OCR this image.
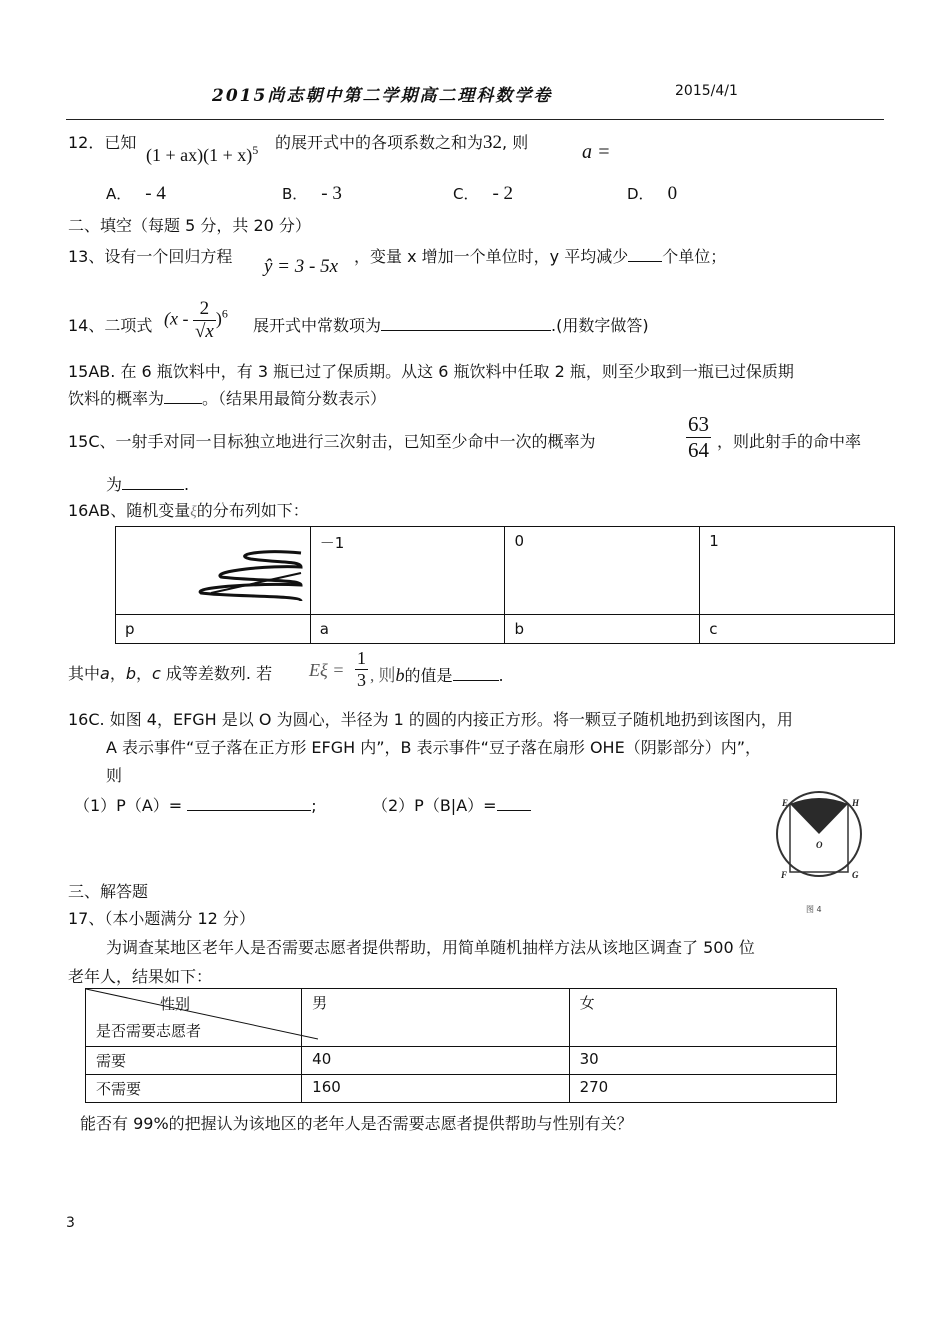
2015尚志朝中第二学期高二理科数学卷	2015/4/1
12．已知
$(1 + ax)(1 + x)^5$ 的展开式中的各项系数之和为32, 则	a =
A． - 4	B． - 3	C． - 2	D． 0
二、填空（每题 5 分，共 20 分）
13、设有一个回归方程 ŷ = 3 - 5x ，变量 x 增加一个单位时，y 平均减少 个单位；
14、二项式 $(x - \frac{2}{√x} )^6$
展开式中常数项为	.(用数字做答)
15AB. 在 6 瓶饮料中，有 3 瓶已过了保质期。从这 6 瓶饮料中任取 2 瓶，则至少取到一瓶已过保质期
饮料的概率为 。（结果用最简分数表示）
15C、一射手对同一目标独立地进行三次射击，已知至少命中一次的概率为	$\frac{63}{64}$ ，则此射手的命中率
为	.
16AB、随机变量ξ的分布列如下：
	－1	0	1
p	a	b	c
其中a，b，c 成等差数列. 若 $E\xi = \frac{1}{3}$ , 则b的值是	.
16C. 如图 4，EFGH 是以 O 为圆心，半径为 1 的圆的内接正方形。将一颗豆子随机地扔到该图内，用
A 表示事件“豆子落在正方形 EFGH 内”，B 表示事件“豆子落在扇形 OHE（阴影部分）内”，
则
（1）P（A）=	;	（2）P（B|A）=	E	H
O
F	G
图 4
三、解答题
17、（本小题满分 12 分）
为调查某地区老年人是否需要志愿者提供帮助，用简单随机抽样方法从该地区调查了 500 位
老年人，结果如下：
性别
是否需要志愿者	男	女
需要	40	30
不需要	160	270
能否有 99%的把握认为该地区的老年人是否需要志愿者提供帮助与性别有关？
3
